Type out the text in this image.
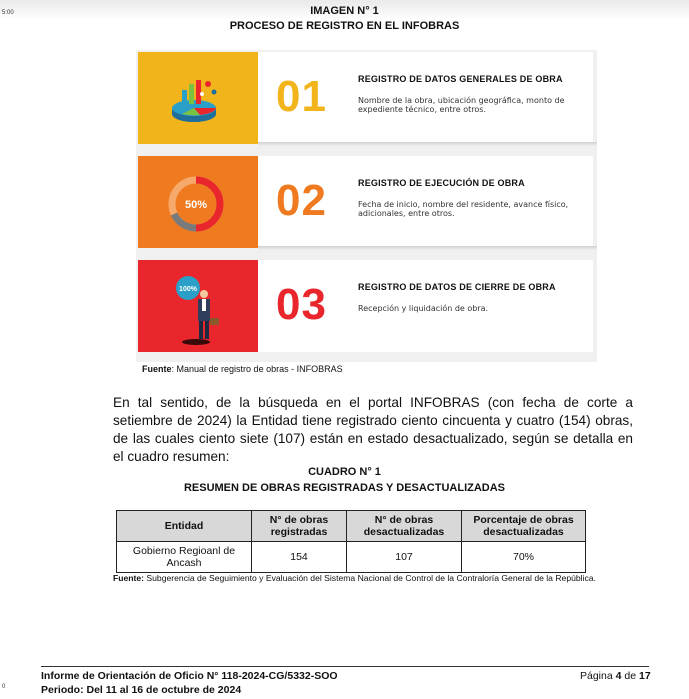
5:00
0
IMAGEN N° 1
PROCESO DE REGISTRO EN EL INFOBRAS
01	REGISTRO DE DATOS GENERALES DE OBRA
Nombre de la obra, ubicación geográfica, monto de expediente técnico, entre otros.
50% 02	REGISTRO DE EJECUCIÓN DE OBRA
Fecha de inicio, nombre del residente, avance físico, adicionales, entre otros.
100% 03	REGISTRO DE DATOS DE CIERRE DE OBRA
Recepción y liquidación de obra.
Fuente: Manual de registro de obras - INFOBRAS
En tal sentido, de la búsqueda en el portal INFOBRAS (con fecha de corte a setiembre de 2024) la Entidad tiene registrado ciento cincuenta y cuatro (154) obras, de las cuales ciento siete (107) están en estado desactualizado, según se detalla en el cuadro resumen:
CUADRO N° 1
RESUMEN DE OBRAS REGISTRADAS Y DESACTUALIZADAS
Entidad	N° de obras registradas	N° de obras desactualizadas	Porcentaje de obras desactualizadas
Gobierno Regioanl de Ancash	154	107	70%
Fuente: Subgerencia de Seguimiento y Evaluación del Sistema Nacional de Control de la Contraloría General de la República.
Informe de Orientación de Oficio N° 118-2024-CG/5332-SOO
Periodo: Del 11 al 16 de octubre de 2024
Página 4 de 17
